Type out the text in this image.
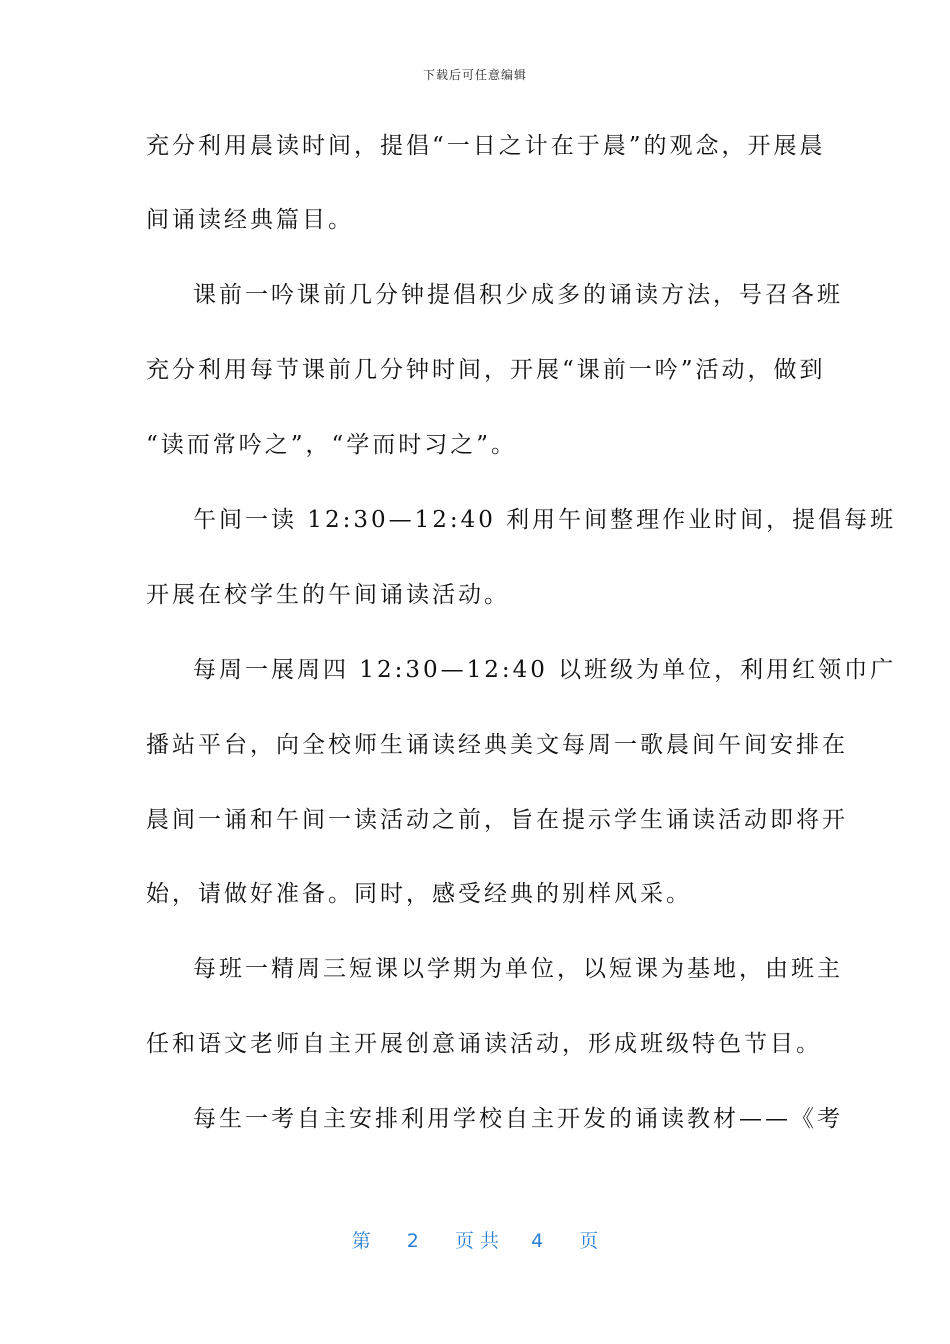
下载后可任意编辑
充分利用晨读时间，提倡“一日之计在于晨”的观念，开展晨
间诵读经典篇目。
课前一吟课前几分钟提倡积少成多的诵读方法，号召各班
充分利用每节课前几分钟时间，开展“课前一吟”活动，做到
“读而常吟之”，“学而时习之”。
午间一读 12:30—12:40 利用午间整理作业时间，提倡每班
开展在校学生的午间诵读活动。
每周一展周四 12:30—12:40 以班级为单位，利用红领巾广
播站平台，向全校师生诵读经典美文每周一歌晨间午间安排在
晨间一诵和午间一读活动之前，旨在提示学生诵读活动即将开
始，请做好准备。同时，感受经典的别样风采。
每班一精周三短课以学期为单位，以短课为基地，由班主
任和语文老师自主开展创意诵读活动，形成班级特色节目。
每生一考自主安排利用学校自主开发的诵读教材——《考
第 2 页共 4 页
